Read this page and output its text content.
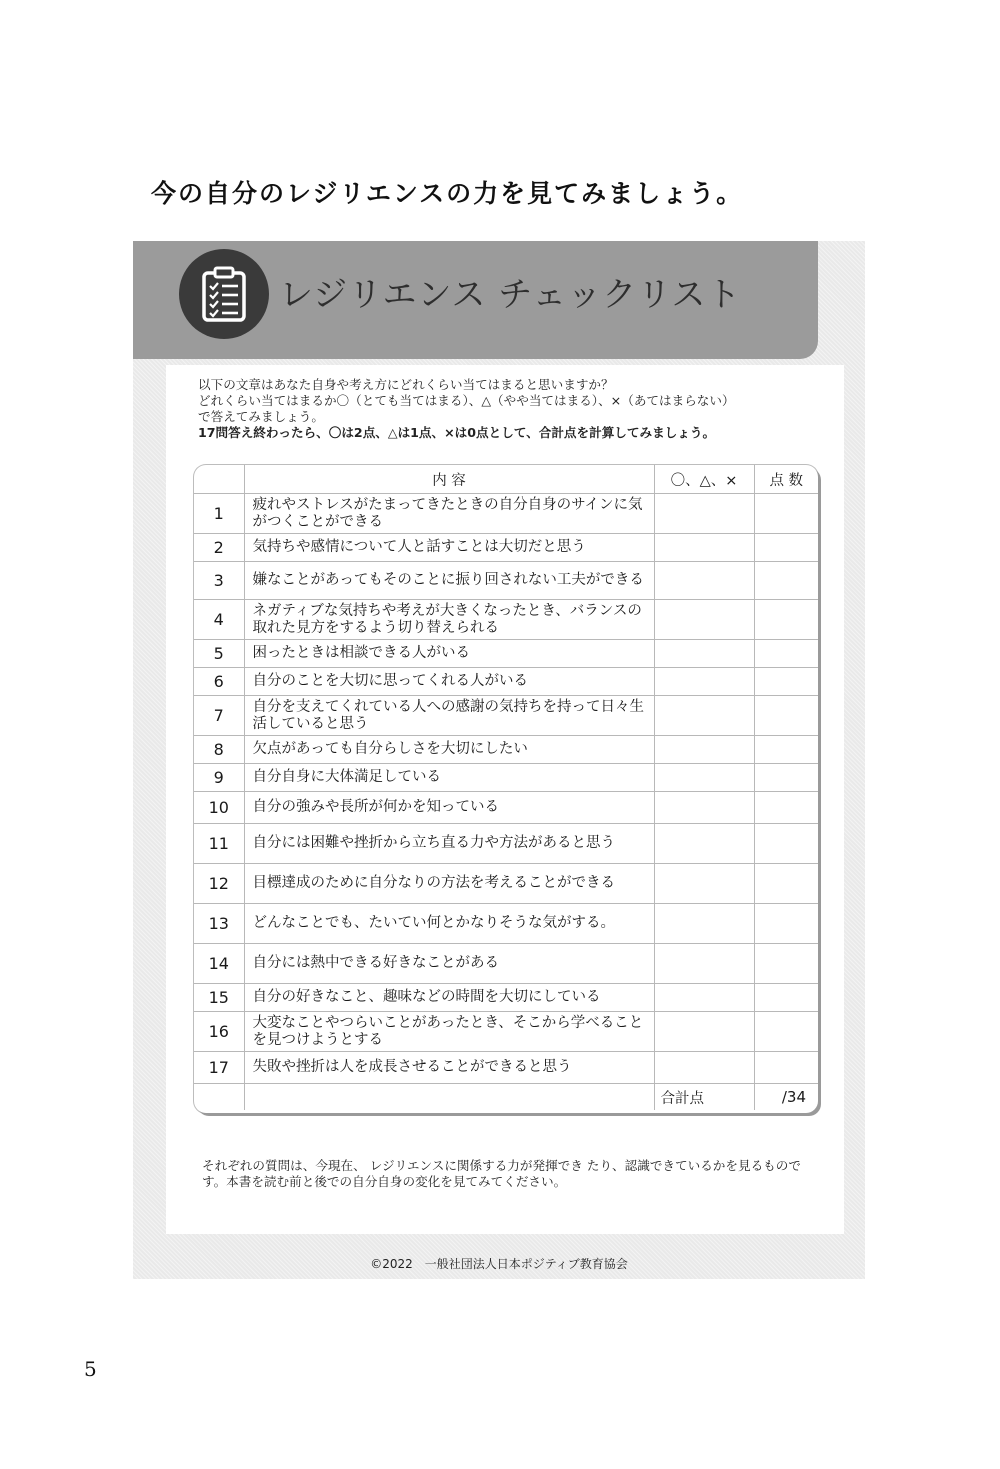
今の自分のレジリエンスの力を見てみましょう。
レジリエンス チェックリスト
以下の文章はあなた自身や考え方にどれくらい当てはまると思いますか？
どれくらい当てはまるか〇（とても当てはまる）、△（やや当てはまる）、×（あてはまらない）
で答えてみましょう。
17問答え終わったら、〇は2点、△は1点、×は0点として、合計点を計算してみましょう。
	内 容	〇、△、×	点 数
1	疲れやストレスがたまってきたときの自分自身のサインに気がつくことができる		
2	気持ちや感情について人と話すことは大切だと思う		
3	嫌なことがあってもそのことに振り回されない工夫ができる		
4	ネガティブな気持ちや考えが大きくなったとき、バランスの取れた見方をするよう切り替えられる		
5	困ったときは相談できる人がいる		
6	自分のことを大切に思ってくれる人がいる		
7	自分を支えてくれている人への感謝の気持ちを持って日々生活していると思う		
8	欠点があっても自分らしさを大切にしたい		
9	自分自身に大体満足している		
10	自分の強みや長所が何かを知っている		
11	自分には困難や挫折から立ち直る力や方法があると思う		
12	目標達成のために自分なりの方法を考えることができる		
13	どんなことでも、たいてい何とかなりそうな気がする。		
14	自分には熱中できる好きなことがある		
15	自分の好きなこと、趣味などの時間を大切にしている		
16	大変なことやつらいことがあったとき、そこから学べることを見つけようとする		
17	失敗や挫折は人を成長させることができると思う		
		合計点	/34
それぞれの質問は、今現在、 レジリエンスに関係する力が発揮でき たり、認識できているかを見るものです。本書を読む前と後での自分自身の変化を見てみてください。
©2022　一般社団法人日本ポジティブ教育協会
5
